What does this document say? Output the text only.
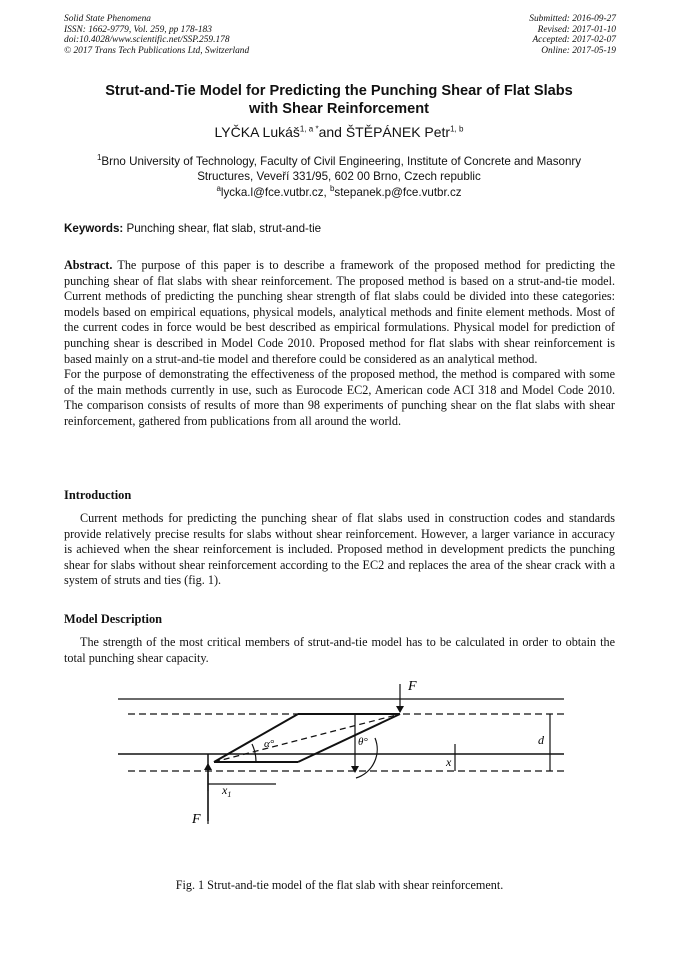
Solid State Phenomena
ISSN: 1662-9779, Vol. 259, pp 178-183
doi:10.4028/www.scientific.net/SSP.259.178
© 2017 Trans Tech Publications Ltd, Switzerland
Submitted: 2016-09-27
Revised: 2017-01-10
Accepted: 2017-02-07
Online: 2017-05-19
Strut-and-Tie Model for Predicting the Punching Shear of Flat Slabs
with Shear Reinforcement
LYČKA Lukáš$^{1, a *}$and ŠTĚPÁNEK Petr$^{1, b}$
$^1$Brno University of Technology, Faculty of Civil Engineering, Institute of Concrete and Masonry
Structures, Veveří 331/95, 602 00 Brno, Czech republic
$^a$lycka.l@fce.vutbr.cz, $^b$stepanek.p@fce.vutbr.cz
Keywords: Punching shear, flat slab, strut-and-tie

Abstract. The purpose of this paper is to describe a framework of the proposed method for predicting the punching shear of flat slabs with shear reinforcement. The proposed method is based on a strut-and-tie model. Current methods of predicting the punching shear strength of flat slabs could be divided into these categories: models based on empirical equations, physical models, analytical methods and finite element methods. Most of the current codes in force would be best described as empirical formulations. Physical model for prediction of punching shear is described in Model Code 2010. Proposed method for flat slabs with shear reinforcement is based mainly on a strut-and-tie model and therefore could be considered as an analytical method.

For the purpose of demonstrating the effectiveness of the proposed method, the method is compared with some of the main methods currently in use, such as Eurocode EC2, American code ACI 318 and Model Code 2010. The comparison consists of results of more than 98 experiments of punching shear on the flat slabs with shear reinforcement, gathered from publications from all around the world.

Introduction

Current methods for predicting the punching shear of flat slabs used in construction codes and standards provide relatively precise results for slabs without shear reinforcement. However, a larger variance in accuracy is achieved when the shear reinforcement is included. Proposed method in development predicts the punching shear for slabs without shear reinforcement according to the EC2 and replaces the area of the shear crack with a system of struts and ties (fig. 1).

Model Description

The strength of the most critical members of strut-and-tie model has to be calculated in order to obtain the total punching shear capacity.

F
F
α°	θ°	d
x
$x_1$
Fig. 1 Strut-and-tie model of the flat slab with shear reinforcement.
